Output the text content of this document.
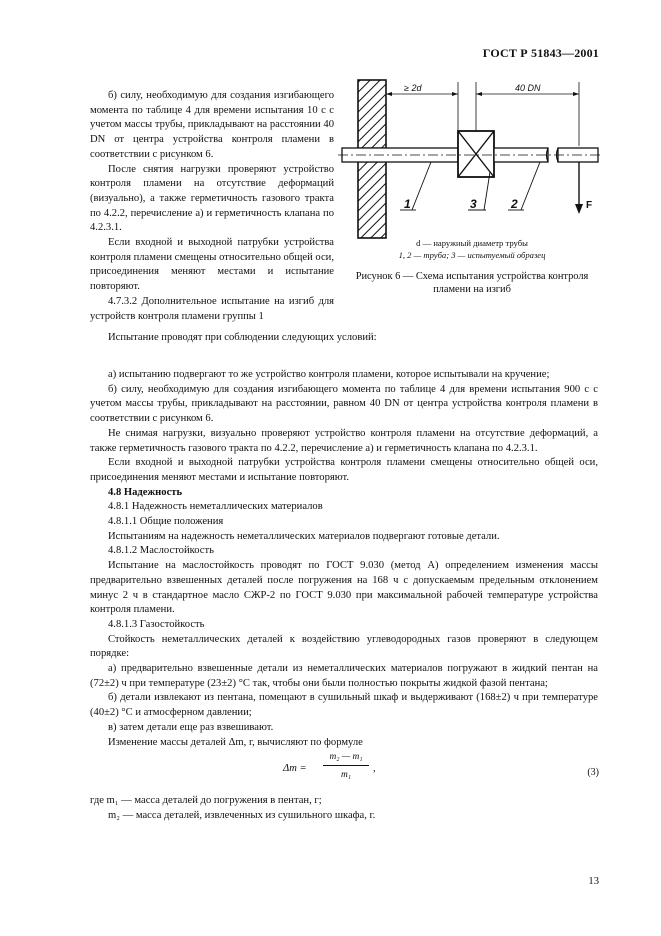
ГОСТ Р 51843—2001

б) силу, необходимую для создания изгибающего момента по таблице 4 для времени испытания 10 с с учетом массы трубы, прикладывают на расстоянии 40 DN от центра устройства контроля пламени в соответствии с рисунком 6.

После снятия нагрузки проверяют устройство контроля пламени на отсутствие деформаций (визуально), а также герметичность газового тракта по 4.2.2, перечисление а) и герметичность клапана по 4.2.3.1.

Если входной и выходной патрубки устройства контроля пламени смещены относительно общей оси, присоединения меняют местами и испытание повторяют.

4.7.3.2 Дополнительное испытание на изгиб для устройств контроля пламени группы 1

≥ 2d	40 DN
F
1	3	2
d — наружный диаметр трубы
1, 2 — труба; 3 — испытуемый образец
Рисунок 6 — Схема испытания устройства контроля пламени на изгиб

Испытание проводят при соблюдении следующих условий:

а) испытанию подвергают то же устройство контроля пламени, которое испытывали на кручение;

б) силу, необходимую для создания изгибающего момента по таблице 4 для времени испытания 900 с с учетом массы трубы, прикладывают на расстоянии, равном 40 DN от центра устройства контроля пламени в соответствии с рисунком 6.

Не снимая нагрузки, визуально проверяют устройство контроля пламени на отсутствие деформаций, а также герметичность газового тракта по 4.2.2, перечисление а) и герметичность клапана по 4.2.3.1.

Если входной и выходной патрубки устройства контроля пламени смещены относительно общей оси, присоединения меняют местами и испытание повторяют.

4.8 Надежность

4.8.1 Надежность неметаллических материалов

4.8.1.1 Общие положения

Испытаниям на надежность неметаллических материалов подвергают готовые детали.

4.8.1.2 Маслостойкость

Испытание на маслостойкость проводят по ГОСТ 9.030 (метод А) определением изменения массы предварительно взвешенных деталей после погружения на 168 ч с допускаемым предельным отклонением минус 2 ч в стандартное масло СЖР-2 по ГОСТ 9.030 при максимальной рабочей температуре устройства контроля пламени.

4.8.1.3 Газостойкость

Стойкость неметаллических деталей к воздействию углеводородных газов проверяют в следующем порядке:

а) предварительно взвешенные детали из неметаллических материалов погружают в жидкий пентан на (72±2) ч при температуре (23±2) °С так, чтобы они были полностью покрыты жидкой фазой пентана;

б) детали извлекают из пентана, помещают в сушильный шкаф и выдерживают (168±2) ч при температуре (40±2) °С и атмосферном давлении;

в) затем детали еще раз взвешивают.

Изменение массы деталей Δm, г, вычисляют по формуле

Δm =
m₂ — m₁
m₁
,	(3)

где m₁ — масса деталей до погружения в пентан, г;

m₂ — масса деталей, извлеченных из сушильного шкафа, г.

13
